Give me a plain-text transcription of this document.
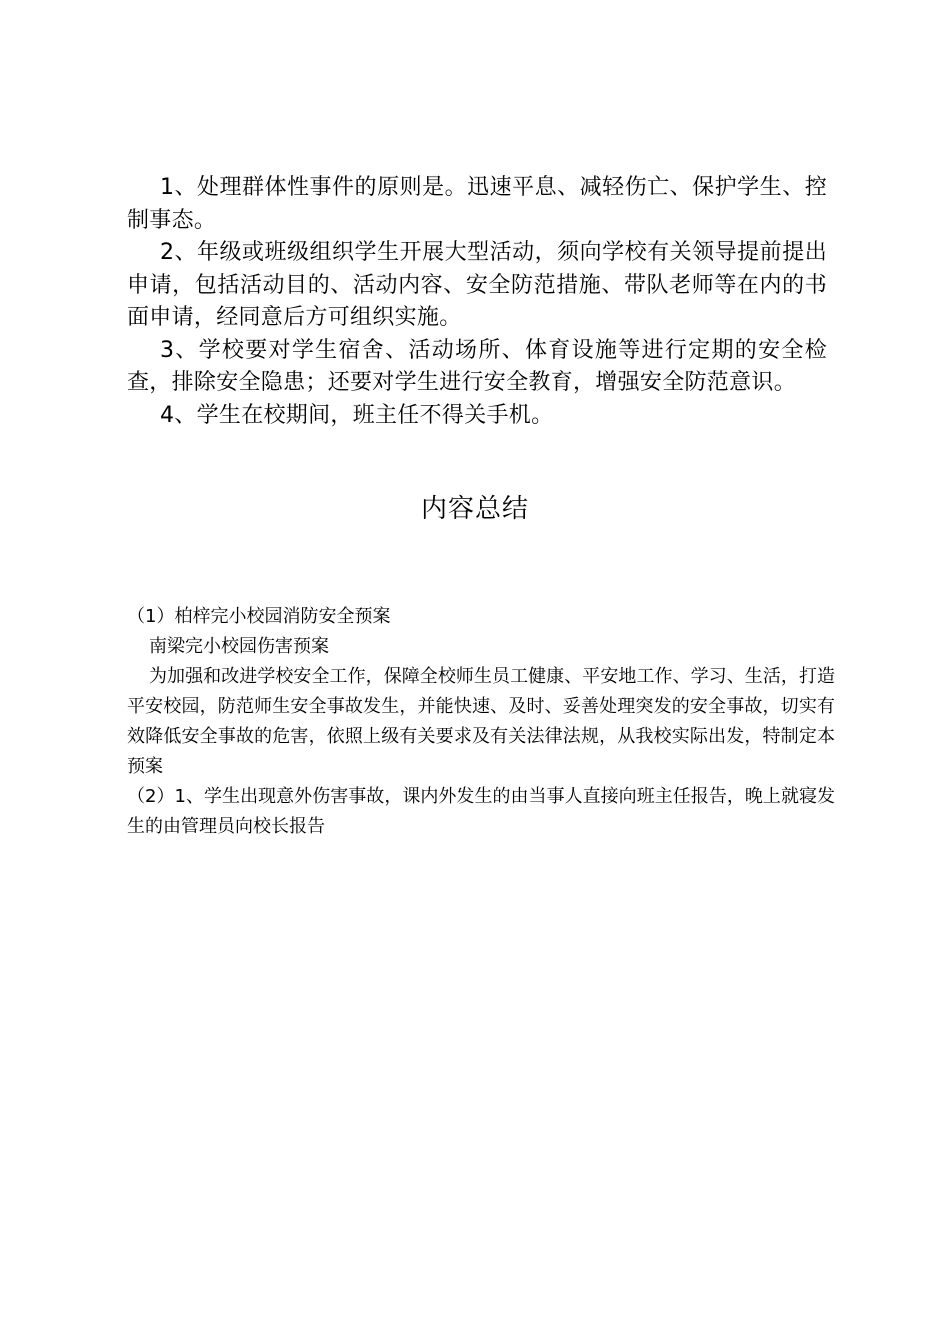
1、处理群体性事件的原则是。迅速平息、减轻伤亡、保护学生、控制事态。

2、年级或班级组织学生开展大型活动，须向学校有关领导提前提出申请，包括活动目的、活动内容、安全防范措施、带队老师等在内的书面申请，经同意后方可组织实施。

3、学校要对学生宿舍、活动场所、体育设施等进行定期的安全检查，排除安全隐患；还要对学生进行安全教育，增强安全防范意识。

4、学生在校期间，班主任不得关手机。

内容总结

（1）柏梓完小校园消防安全预案

南梁完小校园伤害预案

为加强和改进学校安全工作，保障全校师生员工健康、平安地工作、学习、生活，打造平安校园，防范师生安全事故发生，并能快速、及时、妥善处理突发的安全事故，切实有效降低安全事故的危害，依照上级有关要求及有关法律法规，从我校实际出发，特制定本预案

（2）1、学生出现意外伤害事故，课内外发生的由当事人直接向班主任报告，晚上就寝发生的由管理员向校长报告
